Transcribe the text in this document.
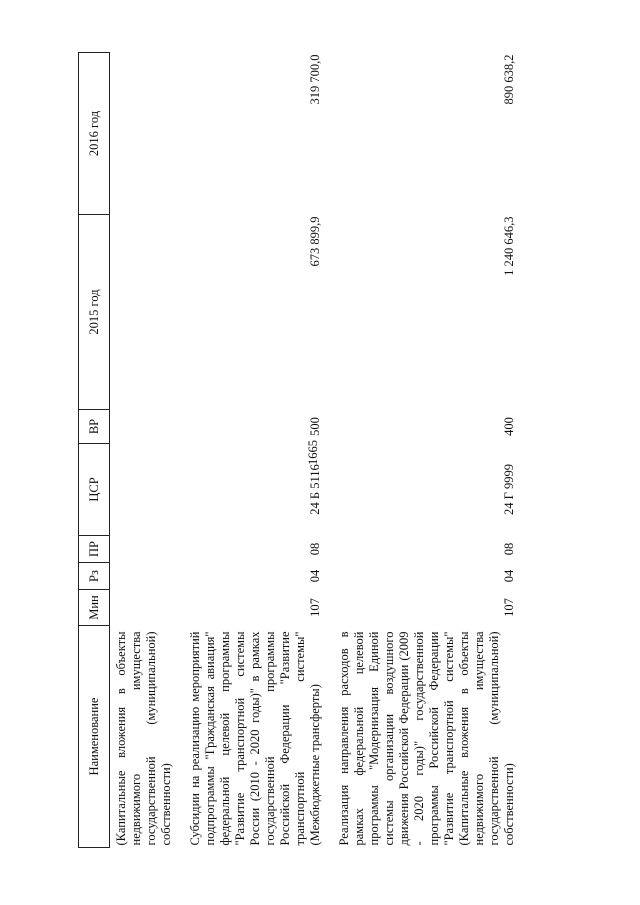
1665
Наименование	Мин	Рз	ПР	ЦСР	ВР	2015 год	2016 год
(Капитальные вложения в объекты недвижимого имущества государственной (муниципальной) собственности)							

Субсидии на реализацию мероприятий подпрограммы "Гражданская авиация" федеральной целевой программы "Развитие транспортной системы России (2010 - 2020 годы)" в рамках государственной программы Российской Федерации "Развитие транспортной системы" (Межбюджетные трансферты)	107	04	08	24 Б 5116	500	673 899,9	319 700,0

Реализация направления расходов в рамках федеральной целевой программы "Модернизация Единой системы организации воздушного движения Российской Федерации (2009 - 2020 годы)" государственной программы Российской Федерации "Развитие транспортной системы" (Капитальные вложения в объекты недвижимого имущества государственной (муниципальной) собственности)	107	04	08	24 Г 9999	400	1 240 646,3	890 638,2
